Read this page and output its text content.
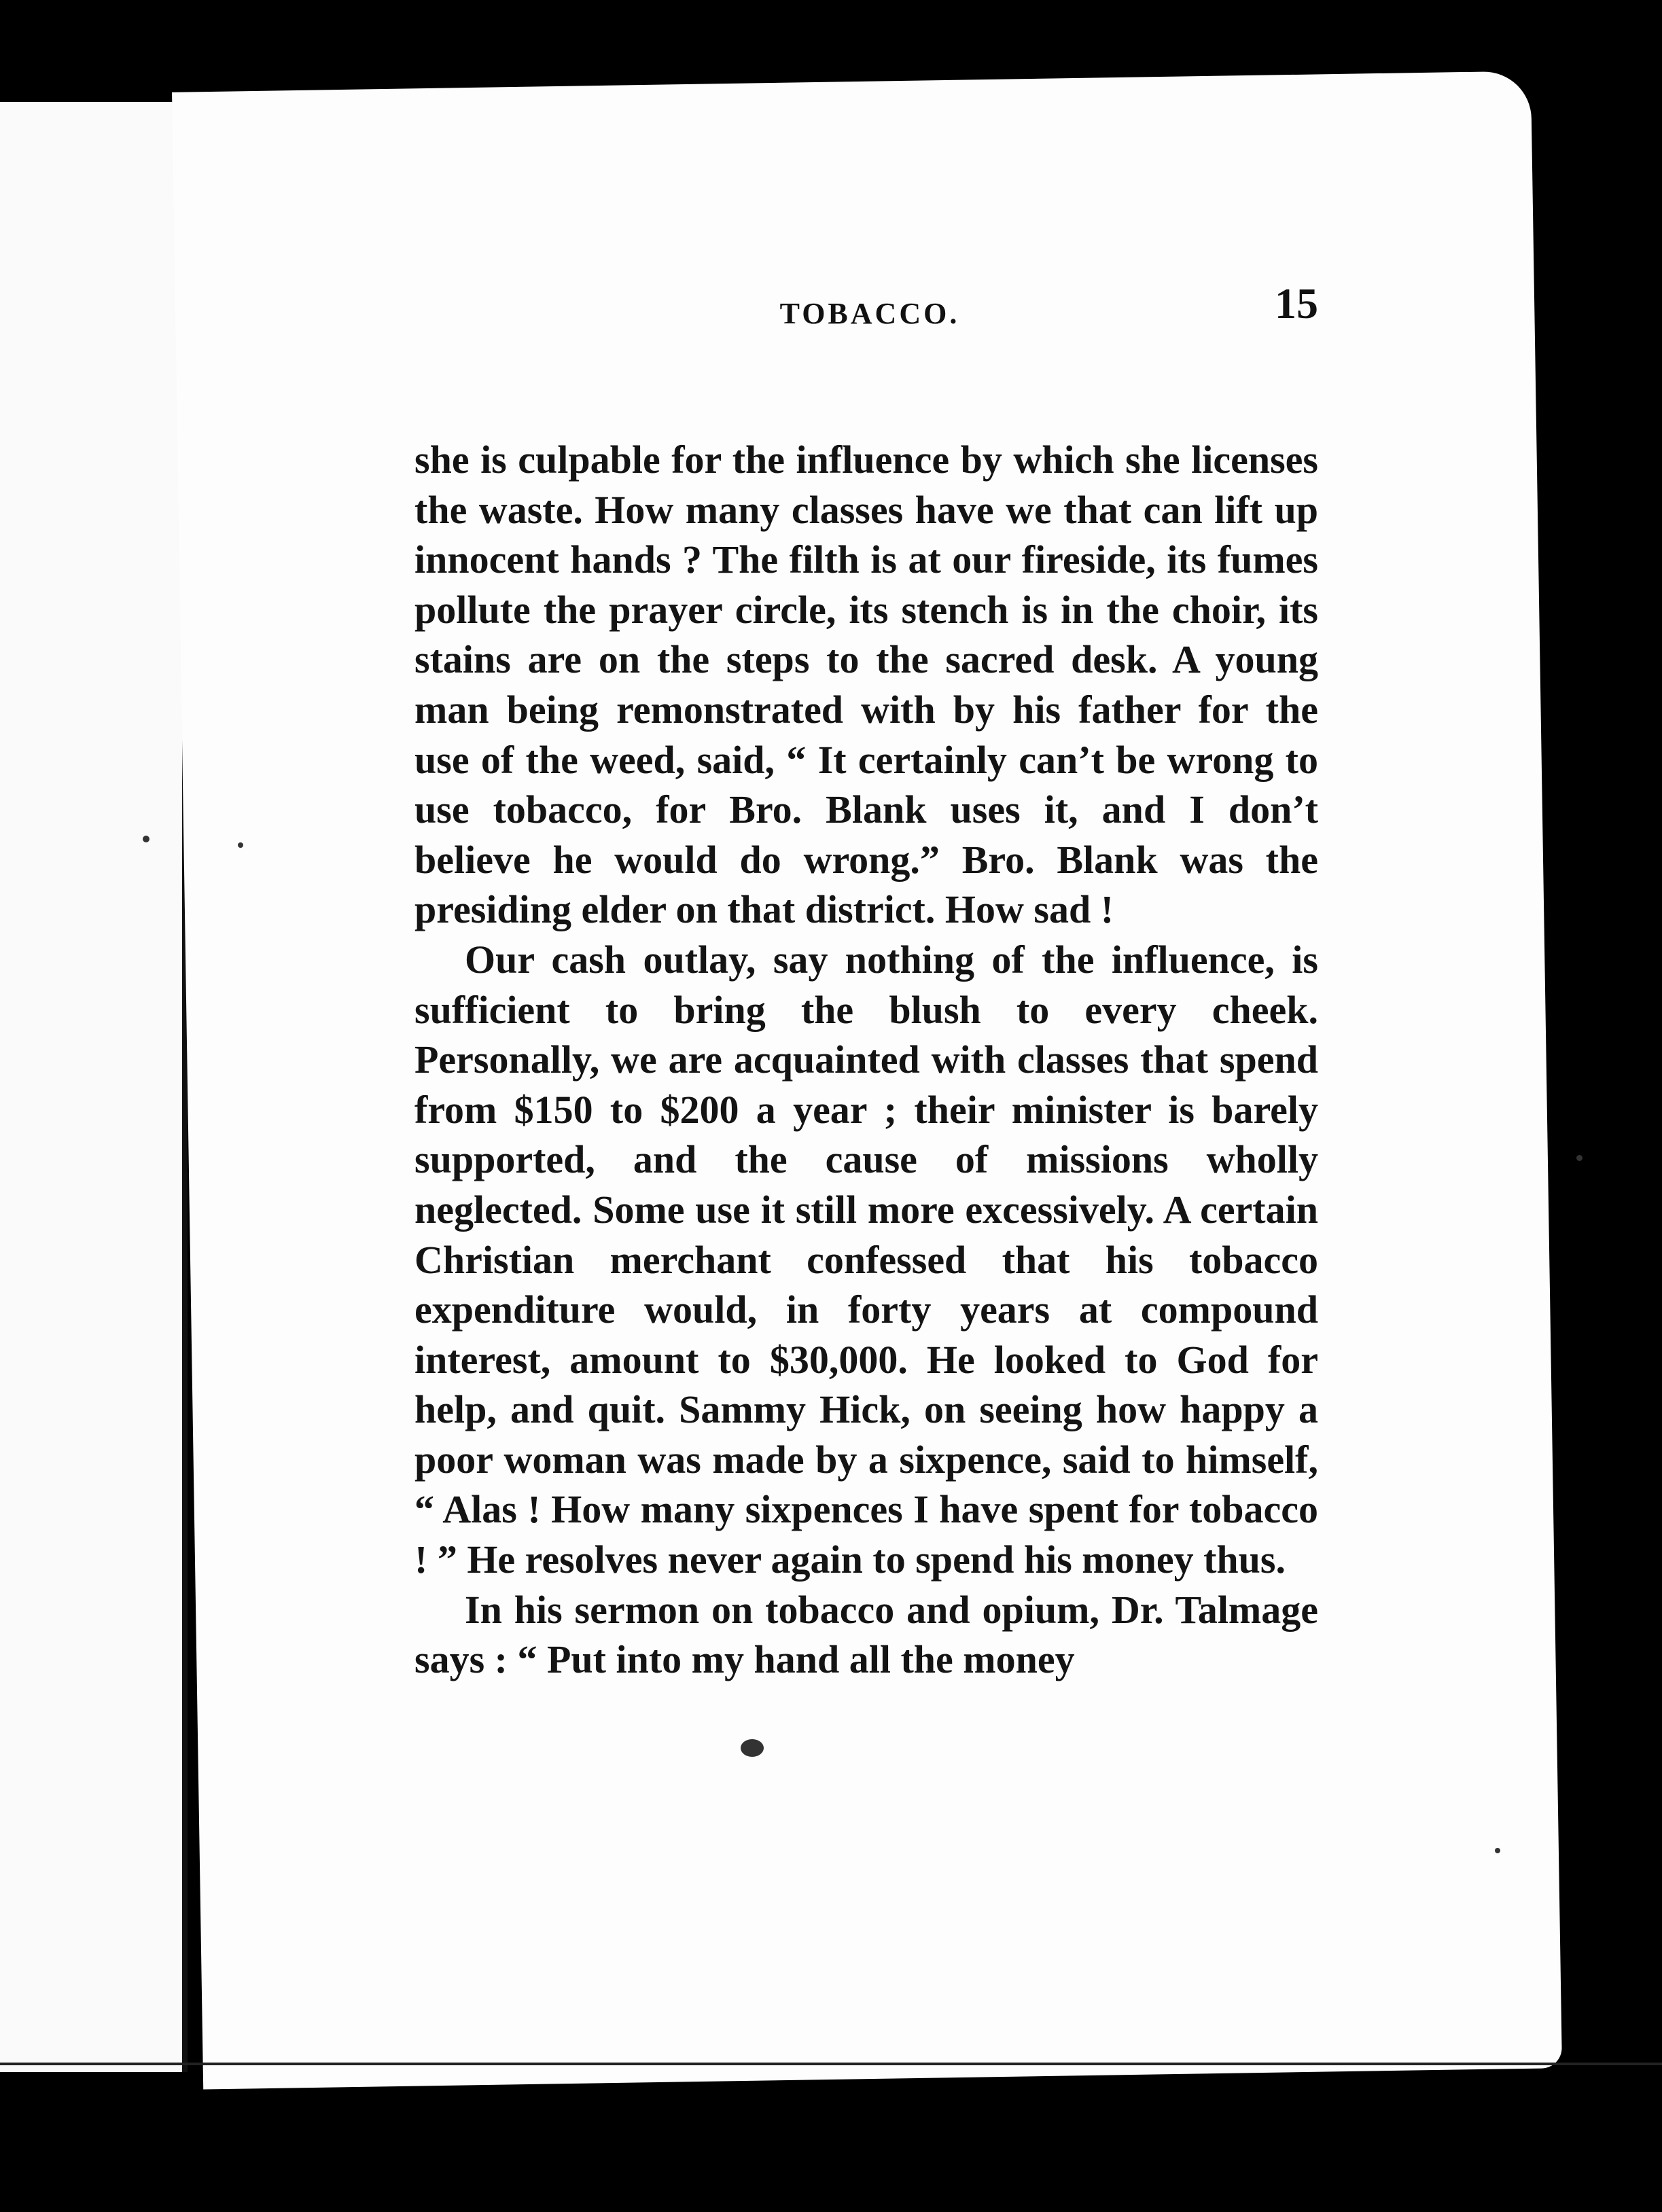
TOBACCO.	15

she is culpable for the influence by which she licenses the waste. How many classes have we that can lift up innocent hands ? The filth is at our fireside, its fumes pollute the prayer circle, its stench is in the choir, its stains are on the steps to the sacred desk. A young man being remonstrated with by his father for the use of the weed, said, “ It certainly can’t be wrong to use tobacco, for Bro. Blank uses it, and I don’t believe he would do wrong.” Bro. Blank was the presiding elder on that district. How sad !

Our cash outlay, say nothing of the influence, is sufficient to bring the blush to every cheek. Personally, we are acquainted with classes that spend from $150 to $200 a year ; their minister is barely supported, and the cause of missions wholly neglected. Some use it still more excessively. A certain Christian merchant confessed that his tobacco expenditure would, in forty years at compound interest, amount to $30,000. He looked to God for help, and quit. Sammy Hick, on seeing how happy a poor woman was made by a sixpence, said to himself, “ Alas ! How many sixpences I have spent for tobacco ! ” He resolves never again to spend his money thus.

In his sermon on tobacco and opium, Dr. Talmage says : “ Put into my hand all the money
